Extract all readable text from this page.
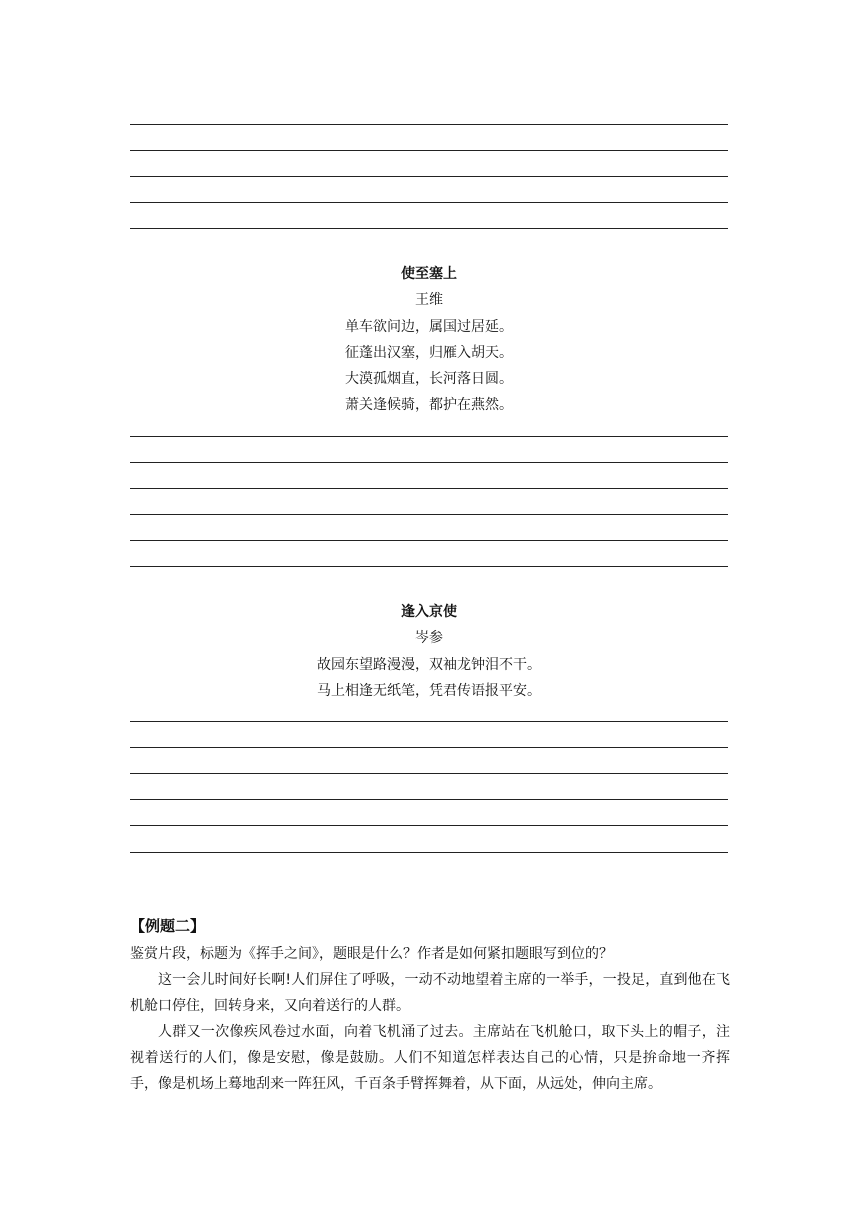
使至塞上
王维
单车欲问边，属国过居延。
征蓬出汉塞，归雁入胡天。
大漠孤烟直，长河落日圆。
萧关逢候骑，都护在燕然。
逢入京使
岑参
故园东望路漫漫，双袖龙钟泪不干。
马上相逢无纸笔，凭君传语报平安。
【例题二】
鉴赏片段，标题为《挥手之间》，题眼是什么？作者是如何紧扣题眼写到位的？
这一会儿时间好长啊!人们屏住了呼吸，一动不动地望着主席的一举手，一投足，直到他在飞机舱口停住，回转身来，又向着送行的人群。
人群又一次像疾风卷过水面，向着飞机涌了过去。主席站在飞机舱口，取下头上的帽子，注视着送行的人们，像是安慰，像是鼓励。人们不知道怎样表达自己的心情，只是拚命地一齐挥手，像是机场上蓦地刮来一阵狂风，千百条手臂挥舞着，从下面，从远处，伸向主席。
